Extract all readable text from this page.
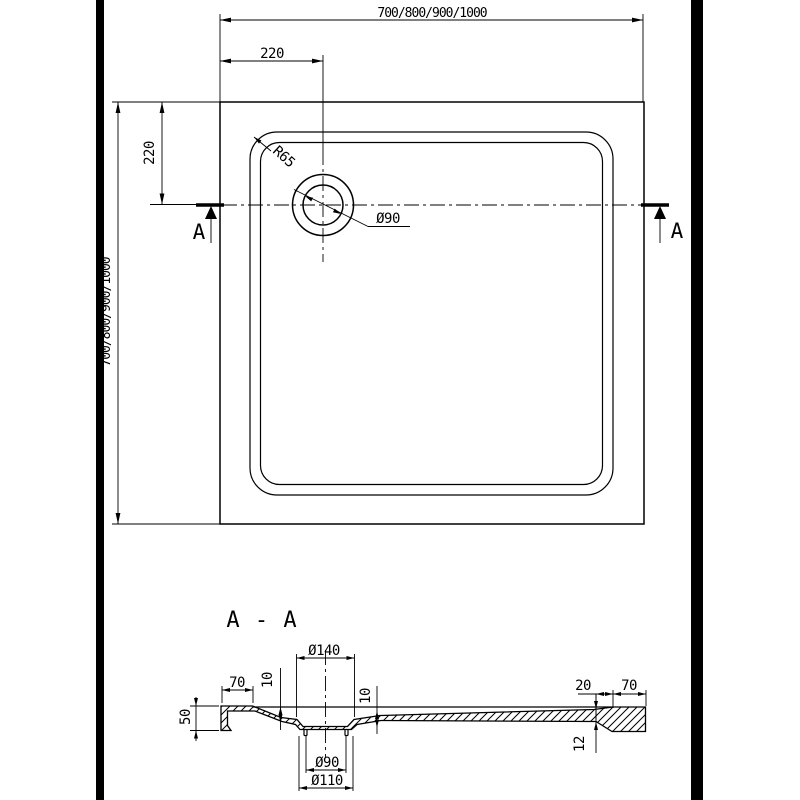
700/800/900/1000
220
700/800/900/1000
220	R65
Ø90
A	A
A - A
Ø140
70 10
10
50
20 70
12
Ø90
Ø110
